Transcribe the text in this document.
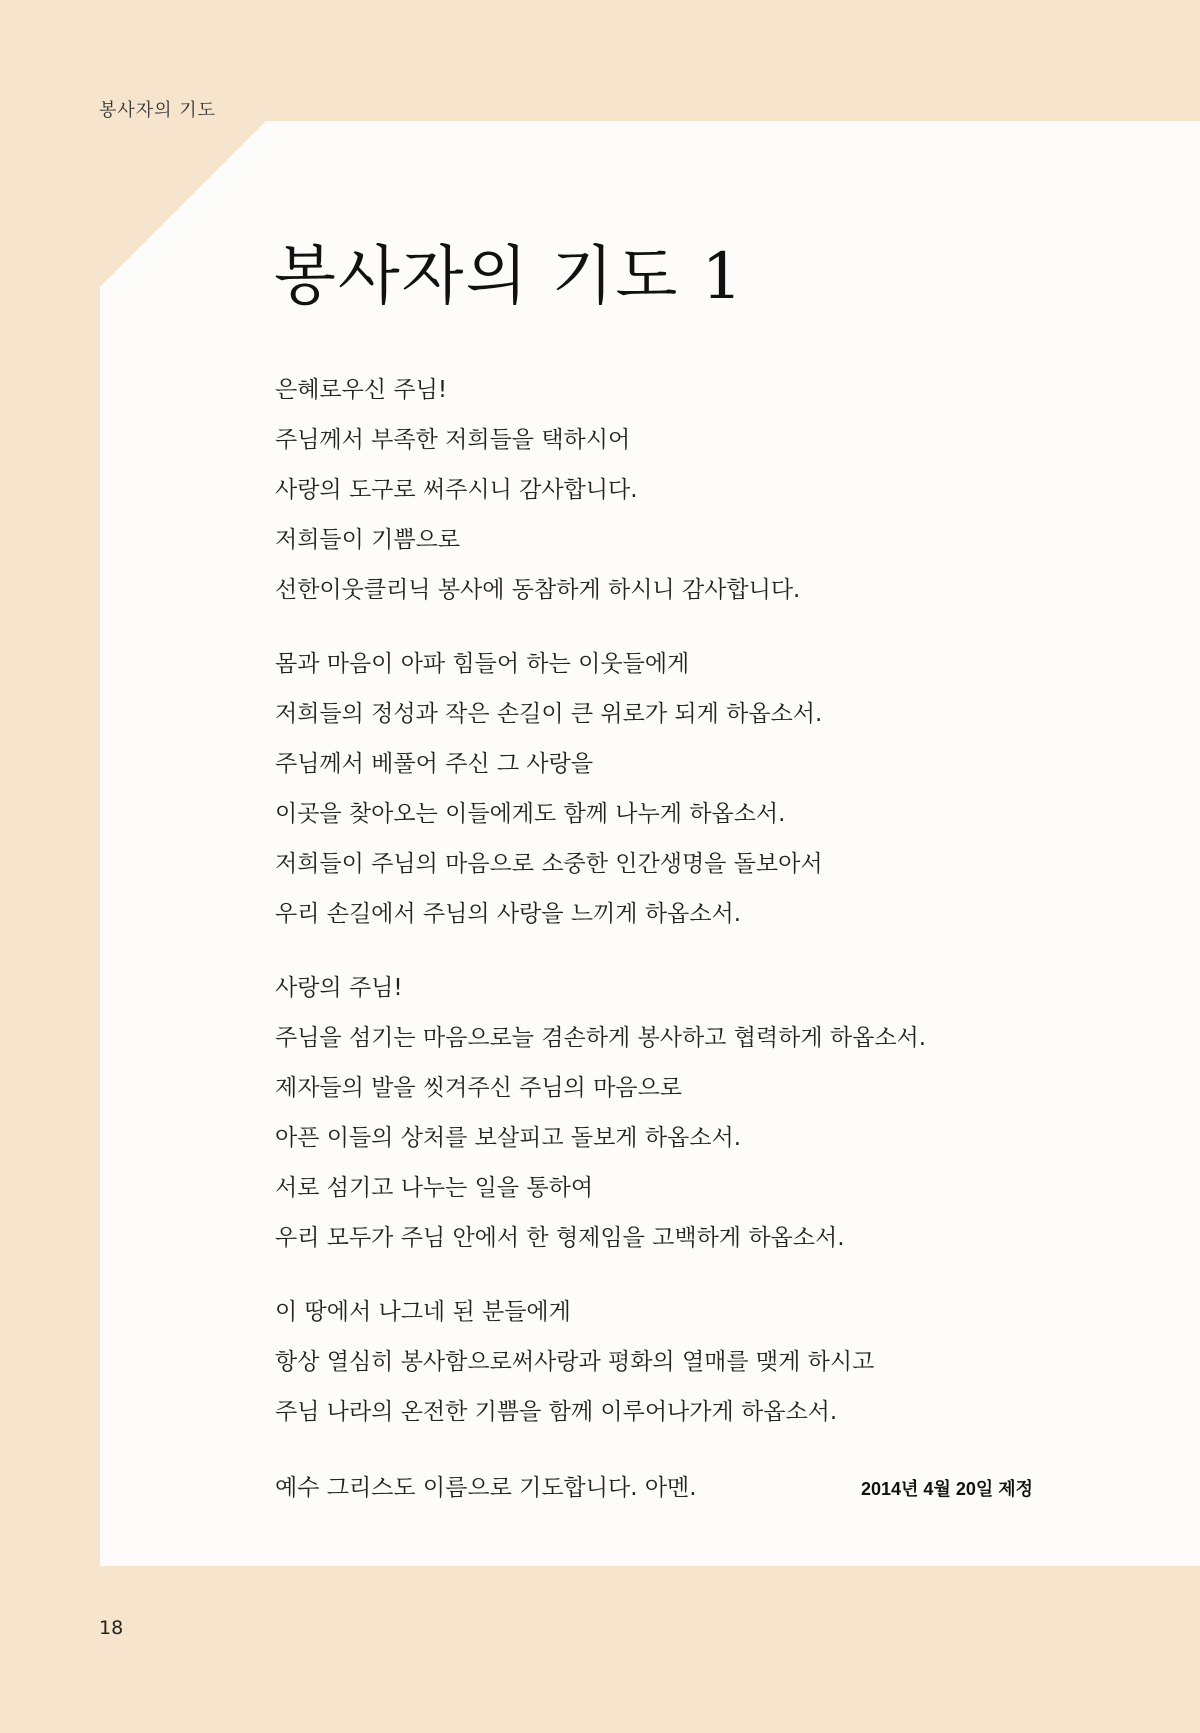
봉사자의 기도
봉사자의 기도 1
은혜로우신 주님!
주님께서 부족한 저희들을 택하시어
사랑의 도구로 써주시니 감사합니다.
저희들이 기쁨으로
선한이웃클리닉 봉사에 동참하게 하시니 감사합니다.
몸과 마음이 아파 힘들어 하는 이웃들에게
저희들의 정성과 작은 손길이 큰 위로가 되게 하옵소서.
주님께서 베풀어 주신 그 사랑을
이곳을 찾아오는 이들에게도 함께 나누게 하옵소서.
저희들이 주님의 마음으로 소중한 인간생명을 돌보아서
우리 손길에서 주님의 사랑을 느끼게 하옵소서.
사랑의 주님!
주님을 섬기는 마음으로늘 겸손하게 봉사하고 협력하게 하옵소서.
제자들의 발을 씻겨주신 주님의 마음으로
아픈 이들의 상처를 보살피고 돌보게 하옵소서.
서로 섬기고 나누는 일을 통하여
우리 모두가 주님 안에서 한 형제임을 고백하게 하옵소서.
이 땅에서 나그네 된 분들에게
항상 열심히 봉사함으로써사랑과 평화의 열매를 맺게 하시고
주님 나라의 온전한 기쁨을 함께 이루어나가게 하옵소서.
예수 그리스도 이름으로 기도합니다. 아멘.	2014년 4월 20일 제정
18
